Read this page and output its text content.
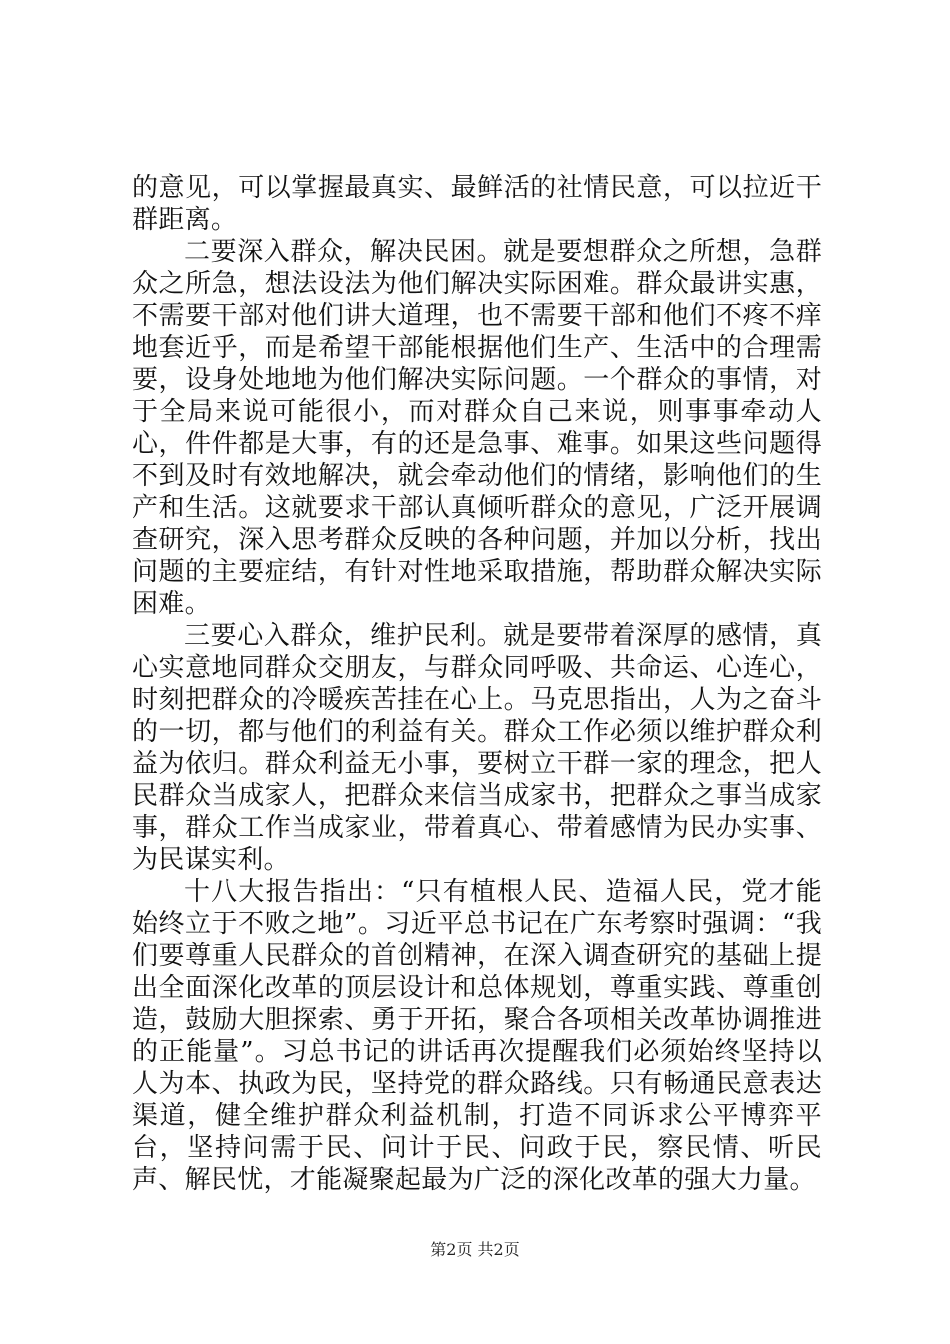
的意见，可以掌握最真实、最鲜活的社情民意，可以拉近干群距离。

二要深入群众，解决民困。就是要想群众之所想，急群众之所急，想法设法为他们解决实际困难。群众最讲实惠，不需要干部对他们讲大道理，也不需要干部和他们不疼不痒地套近乎，而是希望干部能根据他们生产、生活中的合理需要，设身处地地为他们解决实际问题。一个群众的事情，对于全局来说可能很小，而对群众自己来说，则事事牵动人心，件件都是大事，有的还是急事、难事。如果这些问题得不到及时有效地解决，就会牵动他们的情绪，影响他们的生产和生活。这就要求干部认真倾听群众的意见，广泛开展调查研究，深入思考群众反映的各种问题，并加以分析，找出问题的主要症结，有针对性地采取措施，帮助群众解决实际困难。

三要心入群众，维护民利。就是要带着深厚的感情，真心实意地同群众交朋友，与群众同呼吸、共命运、心连心，时刻把群众的冷暖疾苦挂在心上。马克思指出，人为之奋斗的一切，都与他们的利益有关。群众工作必须以维护群众利益为依归。群众利益无小事，要树立干群一家的理念，把人民群众当成家人，把群众来信当成家书，把群众之事当成家事，群众工作当成家业，带着真心、带着感情为民办实事、为民谋实利。

十八大报告指出：“只有植根人民、造福人民，党才能始终立于不败之地”。习近平总书记在广东考察时强调：“我们要尊重人民群众的首创精神，在深入调查研究的基础上提出全面深化改革的顶层设计和总体规划，尊重实践、尊重创造，鼓励大胆探索、勇于开拓，聚合各项相关改革协调推进的正能量”。习总书记的讲话再次提醒我们必须始终坚持以人为本、执政为民，坚持党的群众路线。只有畅通民意表达渠道，健全维护群众利益机制，打造不同诉求公平博弈平台，坚持问需于民、问计于民、问政于民，察民情、听民声、解民忧，才能凝聚起最为广泛的深化改革的强大力量。

第2页 共2页
